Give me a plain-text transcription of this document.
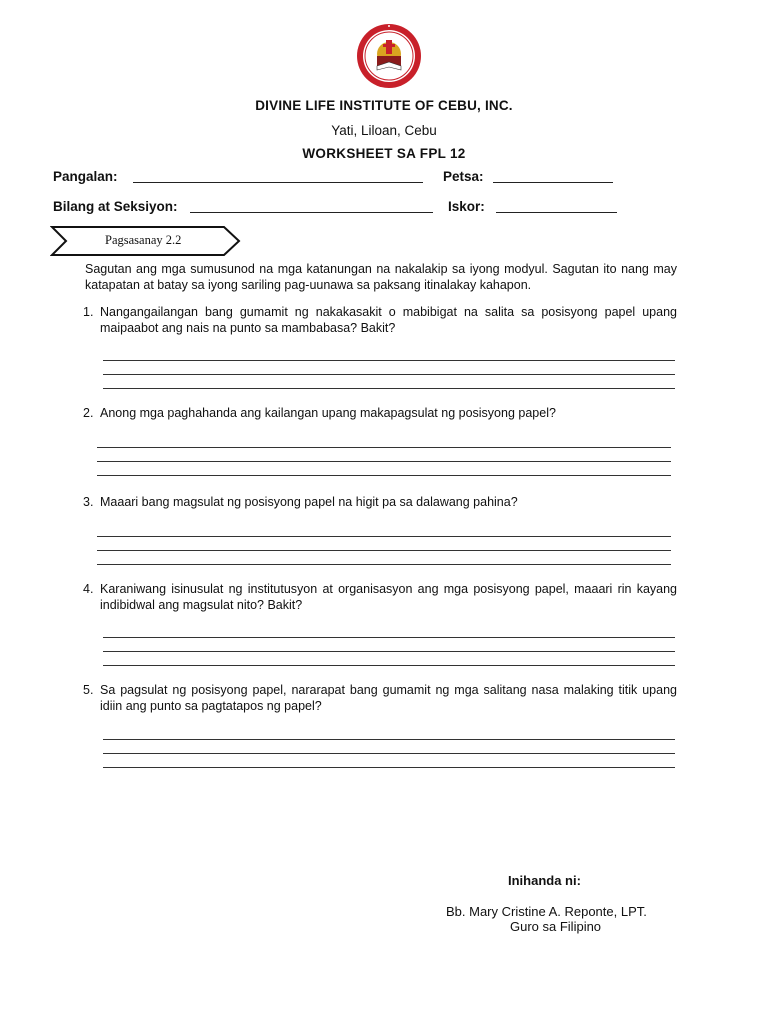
DIVINE LIFE INSTITUTE OF CEBU, INC.
Yati, Liloan, Cebu
WORKSHEET SA FPL 12
Pangalan:	Petsa:
Bilang at Seksiyon:	Iskor:
Pagsasanay 2.2
Sagutan ang mga sumusunod na mga katanungan na nakalakip sa iyong modyul. Sagutan ito nang may katapatan at batay sa iyong sariling pag-uunawa sa paksang itinalakay kahapon.
1. Nangangailangan bang gumamit ng nakakasakit o mabibigat na salita sa posisyong papel upang maipaabot ang nais na punto sa mambabasa? Bakit?
2. Anong mga paghahanda ang kailangan upang makapagsulat ng posisyong papel?
3. Maaari bang magsulat ng posisyong papel na higit pa sa dalawang pahina?
4. Karaniwang isinusulat ng institutusyon at organisasyon ang mga posisyong papel, maaari rin kayang indibidwal ang magsulat nito? Bakit?
5. Sa pagsulat ng posisyong papel, nararapat bang gumamit ng mga salitang nasa malaking titik upang idiin ang punto sa pagtatapos ng papel?
Inihanda ni:
Bb. Mary Cristine A. Reponte, LPT.
Guro sa Filipino
